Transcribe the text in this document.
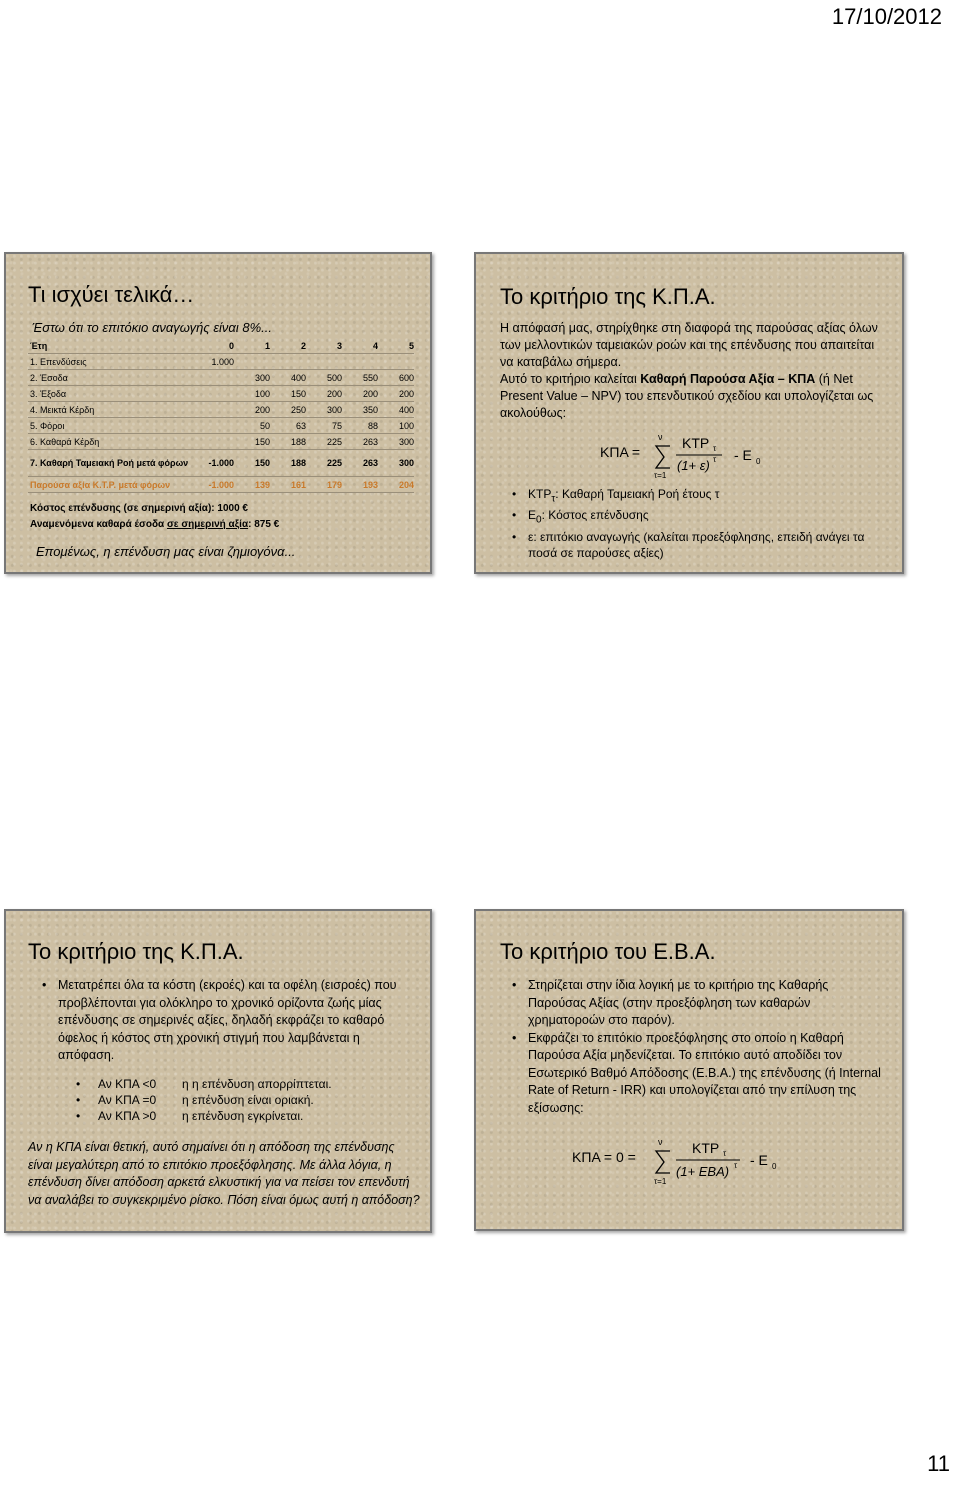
17/10/2012
Τι ισχύει τελικά…
Έστω ότι το επιτόκιο αναγωγής είναι 8%...
Έτη	0	1	2	3	4	5
1. Επενδύσεις	1.000					
2. Έσοδα		300	400	500	550	600
3. Έξοδα		100	150	200	200	200
4. Μεικτά Κέρδη		200	250	300	350	400
5. Φόροι		50	63	75	88	100
6. Καθαρά Κέρδη		150	188	225	263	300
7. Καθαρή Ταμειακή Ροή μετά φόρων	-1.000	150	188	225	263	300
Παρούσα αξία Κ.Τ.Ρ. μετά φόρων	-1.000	139	161	179	193	204
Κόστος επένδυσης (σε σημερινή αξία): 1000 €
Αναμενόμενα καθαρά έσοδα σε σημερινή αξία: 875 €
Επομένως, η επένδυση μας είναι ζημιογόνα...
Το κριτήριο της Κ.Π.Α.
Η απόφασή μας, στηρίχθηκε στη διαφορά της παρούσας αξίας όλων των μελλοντικών ταμειακών ροών και της επένδυσης που απαιτείται να καταβάλω σήμερα.
Αυτό το κριτήριο καλείται Καθαρή Παρούσα Αξία – ΚΠΑ (ή Net Present Value – NPV) του επενδυτικού σχεδίου και υπολογίζεται ως ακολούθως:
ΚΠΑ =
ν
τ=1
ΚΤΡ τ
(1+ ε) τ - Ε 0
• $KTP_\tau$: Καθαρή Ταμειακή Ροή έτους τ
• $E_0$: Κόστος επένδυσης
• ε: επιτόκιο αναγωγής (καλείται προεξόφλησης, επειδή ανάγει τα ποσά σε παρούσες αξίες)
Το κριτήριο της Κ.Π.Α.
• Μετατρέπει όλα τα κόστη (εκροές) και τα οφέλη (εισροές) που προβλέπονται για ολόκληρο το χρονικό ορίζοντα ζωής μίας επένδυσης σε σημερινές αξίες, δηλαδή εκφράζει το καθαρό όφελος ή κόστος στη χρονική στιγμή που λαμβάνεται η απόφαση.
• Αν ΚΠΑ <0 η η επένδυση απορρίπτεται.
• Αν ΚΠΑ =0 η επένδυση είναι οριακή.
• Αν ΚΠΑ >0 η επένδυση εγκρίνεται.
Αν η ΚΠΑ είναι θετική, αυτό σημαίνει ότι η απόδοση της επένδυσης είναι μεγαλύτερη από το επιτόκιο προεξόφλησης. Με άλλα λόγια, η επένδυση δίνει απόδοση αρκετά ελκυστική για να πείσει τον επενδυτή να αναλάβει το συγκεκριμένο ρίσκο. Πόση είναι όμως αυτή η απόδοση?
Το κριτήριο του Ε.Β.Α.
• Στηρίζεται στην ίδια λογική με το κριτήριο της Καθαρής Παρούσας Αξίας (στην προεξόφληση των καθαρών χρηματοροών στο παρόν).
• Εκφράζει το επιτόκιο προεξόφλησης στο οποίο η Καθαρή Παρούσα Αξία μηδενίζεται. Το επιτόκιο αυτό αποδίδει τον Εσωτερικό Βαθμό Απόδοσης (Ε.Β.Α.) της επένδυσης (ή Internal Rate of Return - IRR) και υπολογίζεται από την επίλυση της εξίσωσης:
ΚΠΑ = 0 =
ν
τ=1
ΚΤΡ τ
(1+ ΕΒΑ) τ - Ε 0
11
